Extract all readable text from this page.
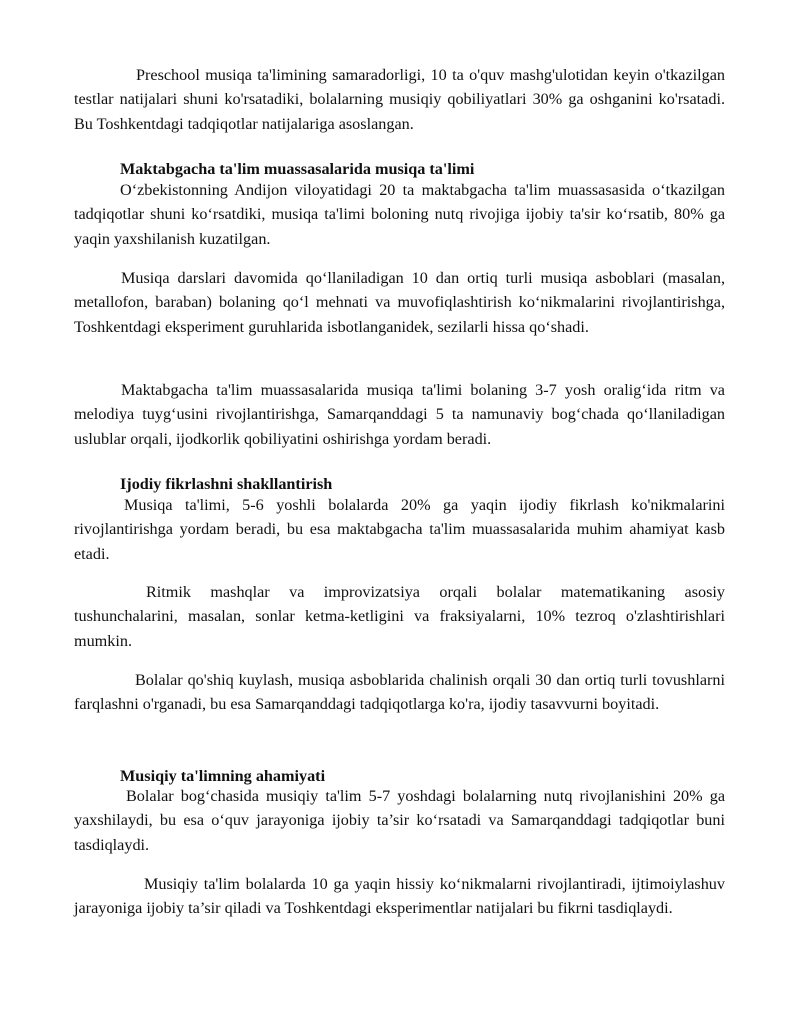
Preschool musiqa ta'limining samaradorligi, 10 ta o'quv mashg'ulotidan keyin o'tkazilgan testlar natijalari shuni ko'rsatadiki, bolalarning musiqiy qobiliyatlari 30% ga oshganini ko'rsatadi. Bu Toshkentdagi tadqiqotlar natijalariga asoslangan.

Maktabgacha ta'lim muassasalarida musiqa ta'limi

O‘zbekistonning Andijon viloyatidagi 20 ta maktabgacha ta'lim muassasasida o‘tkazilgan tadqiqotlar shuni ko‘rsatdiki, musiqa ta'limi boloning nutq rivojiga ijobiy ta'sir ko‘rsatib, 80% ga yaqin yaxshilanish kuzatilgan.

Musiqa darslari davomida qo‘llaniladigan 10 dan ortiq turli musiqa asboblari (masalan, metallofon, baraban) bolaning qo‘l mehnati va muvofiqlashtirish ko‘nikmalarini rivojlantirishga, Toshkentdagi eksperiment guruhlarida isbotlanganidek, sezilarli hissa qo‘shadi.

Maktabgacha ta'lim muassasalarida musiqa ta'limi bolaning 3-7 yosh oralig‘ida ritm va melodiya tuyg‘usini rivojlantirishga, Samarqanddagi 5 ta namunaviy bog‘chada qo‘llaniladigan uslublar orqali, ijodkorlik qobiliyatini oshirishga yordam beradi.

Ijodiy fikrlashni shakllantirish

Musiqa ta'limi, 5-6 yoshli bolalarda 20% ga yaqin ijodiy fikrlash ko'nikmalarini rivojlantirishga yordam beradi, bu esa maktabgacha ta'lim muassasalarida muhim ahamiyat kasb etadi.

Ritmik mashqlar va improvizatsiya orqali bolalar matematikaning asosiy tushunchalarini, masalan, sonlar ketma-ketligini va fraksiyalarni, 10% tezroq o'zlashtirishlari mumkin.

Bolalar qo'shiq kuylash, musiqa asboblarida chalinish orqali 30 dan ortiq turli tovushlarni farqlashni o'rganadi, bu esa Samarqanddagi tadqiqotlarga ko'ra, ijodiy tasavvurni boyitadi.

Musiqiy ta'limning ahamiyati

Bolalar bog‘chasida musiqiy ta'lim 5-7 yoshdagi bolalarning nutq rivojlanishini 20% ga yaxshilaydi, bu esa o‘quv jarayoniga ijobiy ta’sir ko‘rsatadi va Samarqanddagi tadqiqotlar buni tasdiqlaydi.

Musiqiy ta'lim bolalarda 10 ga yaqin hissiy ko‘nikmalarni rivojlantiradi, ijtimoiylashuv jarayoniga ijobiy ta’sir qiladi va Toshkentdagi eksperimentlar natijalari bu fikrni tasdiqlaydi.
